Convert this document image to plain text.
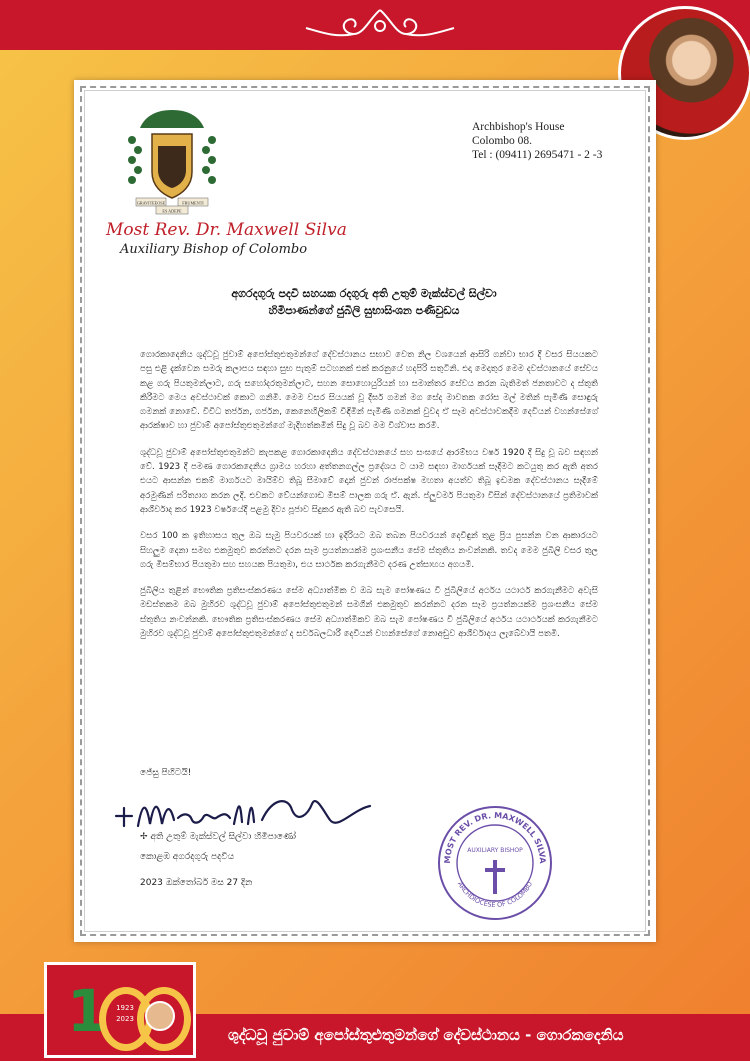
GRAVITEEOSE	FRUMENTI
ES ADEPE
Most Rev. Dr. Maxwell Silva
Auxiliary Bishop of Colombo
Archbishop's House
Colombo 08.
Tel : (09411) 2695471 - 2 -3
අගරදගුරු පදවි සහයක රදගුරු අති උතුම් මැක්ස්වල් සිල්වා
හිමිපාණන්ගේ ජුබිලි සුභාසිංශන පණිවුඩය

ගොරකාදෙනිය ශුද්ධවූ ජුවාම් අපෝස්තුළුතුමන්ගේ දේවස්ථානය සභාව වෙත නිල වශයෙන් ආසිරි ගන්වා භාර දී වසර සියයකට පසු එළි දැක්වෙන සමරු කලාපය සඳහා සුභ පැතුම් සටහනක් එක් කරනුයේ හදපිරි සතුටිනි. එදා මෙදාතුර මෙම දවස්ථානයේ සේවය කළ ගරු පියතුමන්ලාට, ගරු සහෝදරතුමන්ලාට, සහන සොහොයුරියන් හා සමාන්තර සේවය කරන බැතිමත් ජනතාවට ද ස්තුති කිරීමට මෙය අවස්ථාවක් කොට ගනිමි. මෙම වසර සියයක් වූ දීර්ඝ ගමන් මග සේද මාවතක රෝස මල් මතින් පැමිණි සොඳුරු ගමනක් නොවේ. විවිධ තර්ජන, ගර්ජන, කෙනෙහිලිකම් විඳිමින් පැමිණි ගමනක් වුවද ඒ සෑම අවස්ථාවකදීම දෙවියන් වහන්සේගේ ආරක්ෂාව හා ජුවාම් අපෝස්තුළුතුමන්ගේ මැදිහත්කමින් සිදු වූ බව මම විශ්වාස කරමි.

ශුද්ධවූ ජුවාම් අපෝස්තුළුතුමන්ට කැපකළ ගොරකාදෙනිය දේවස්ථානයේ සහ සංඝයේ ආරම්භය වර්ෂ 1920 දී සිදු වූ බව සඳහන් වේ. 1923 දී පමණ ගොරකදෙනිය ග්‍රාමය හරහා අත්තනගල්ල ප්‍රදේශය ට යාම සඳහා මාර්ගයක් සෑදීමට කටයුතු කර ඇති අතර එයට ආසන්න එකම් මාර්ගයට මායිම්ව තිබූ සීමාවේ දොන් ජුවන් රාජපක්ෂ මහතා අයත්ව තිබූ ඉඩමක දේවස්ථානය සෑදීමේ අරමුණින් පරිත්‍යාග කරන ලදි. එවකට වේයන්ගොඩ මිසම් පාලක ගරු ඒ. ඇන්. ප්ලුවමර් පියතුමා විසින් දේවස්ථානයේ ප්‍රතිමාවක් ආශීර්වාද කර 1923 වර්ෂයේදී පළමු දිව්‍ය පූජාව සිදුකර ඇති බව පැවසෙයි.

වසර 100 ක ඉතිහාසය තුල ඔබ සැමු පියවරයක් හා ඉදිරියට ඔබ තබන පියවරයන් දෙවිඳුන් තුළ ප්‍රිය පුසන්න වන ආකාරයට සිහලුම දෙනා සමඟ එකමුතුව කරන්නට දරන සෑම ප්‍රයත්නයක්ම ප්‍රශංසනීය සේම ස්තුතිය නංවන්නකි. තවද මෙම ජුබිලි වසර තුල ගරු මිසම්භාර පියතුමා සහ සහයක පියතුමා, එය සාර්ථක කරගැනීමට දරණ උත්සාහය අගයමි.

ජුබිලිය තුළින් භෞතික ප්‍රතිසංස්කරණය සේම අධ්‍යාත්මික ව ඔබ සැම පෝෂණය වී ජුබිලියේ අර්ථය යථාර්ථ කරගැනීමට අවැසි මඩස්තකම ඔබ මුහිරව ශුද්ධවූ ජුවාම් අපෝස්තුළුතුමන් සමගින් එකමුතුව කරන්නට දරන සෑම ප්‍රයත්නයක්ම ප්‍රශංසනීය සේම ස්තුතිය නංවන්නකි. භෞතික ප්‍රතිසංස්කරණය සේම අධ්‍යාත්මිකව ඔබ සැම පෝෂණය වී ජුබිලියේ අර්ථය යථාර්ථයක් කරගැනීමට මුහිරව ශුද්ධවූ ජුවාම් අපෝස්තුළුතුමන්ගේ ද සර්වබලධාරී දෙවියන් වහන්සේගේ නොඅඩුව ආශීර්වාදය ලැබේවායි පතමි.

ජේසු පිහිටයි!
✢ අති උතුම් මැක්ස්වල් සිල්වා හිමිපාණෝ
කොළඹ අගරදගුරු පදවිය
2023 ඔක්තෝබර් මස 27 දින
MOST REV. DR. MAXWELL SILVA
ARCHDIOCESE OF COLOMBO
AUXILIARY BISHOP
ශුද්ධවූ ජුවාම් අපෝස්තුළුතුමන්ගේ දේවස්ථානය - ගොරකදෙනිය
1	1923
2023
